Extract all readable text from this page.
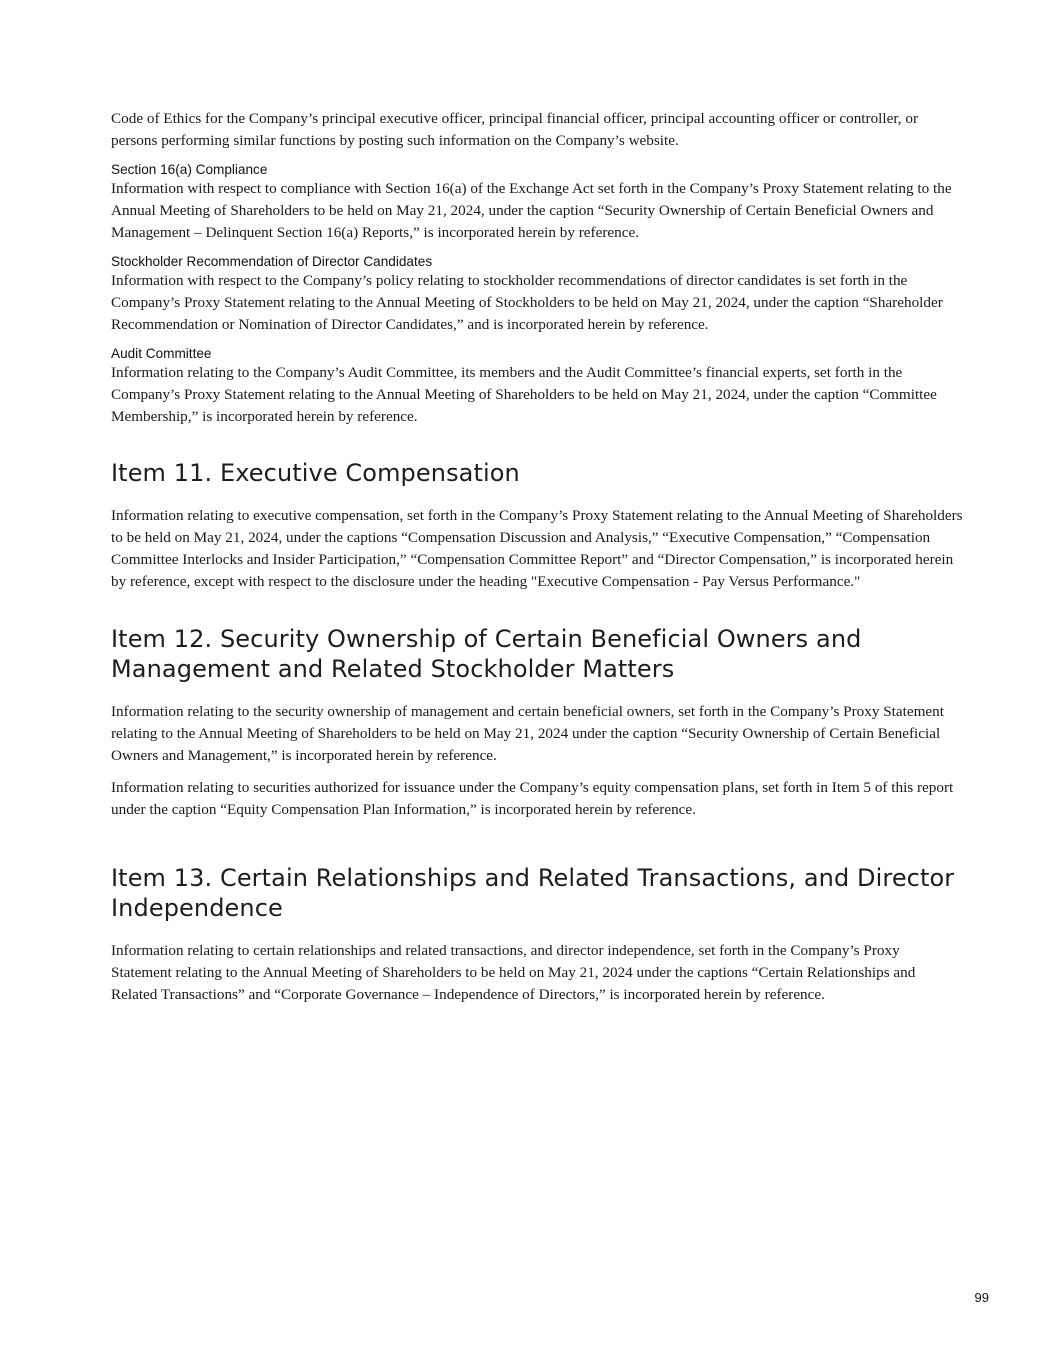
Code of Ethics for the Company’s principal executive officer, principal financial officer, principal accounting officer or controller, or persons performing similar functions by posting such information on the Company’s website.

Section 16(a) Compliance

Information with respect to compliance with Section 16(a) of the Exchange Act set forth in the Company’s Proxy Statement relating to the Annual Meeting of Shareholders to be held on May 21, 2024, under the caption “Security Ownership of Certain Beneficial Owners and Management – Delinquent Section 16(a) Reports,” is incorporated herein by reference.

Stockholder Recommendation of Director Candidates

Information with respect to the Company’s policy relating to stockholder recommendations of director candidates is set forth in the Company’s Proxy Statement relating to the Annual Meeting of Stockholders to be held on May 21, 2024, under the caption “Shareholder Recommendation or Nomination of Director Candidates,” and is incorporated herein by reference.

Audit Committee

Information relating to the Company’s Audit Committee, its members and the Audit Committee’s financial experts, set forth in the Company’s Proxy Statement relating to the Annual Meeting of Shareholders to be held on May 21, 2024, under the caption “Committee Membership,” is incorporated herein by reference.

Item 11. Executive Compensation

Information relating to executive compensation, set forth in the Company’s Proxy Statement relating to the Annual Meeting of Shareholders to be held on May 21, 2024, under the captions “Compensation Discussion and Analysis,” “Executive Compensation,” “Compensation Committee Interlocks and Insider Participation,” “Compensation Committee Report” and “Director Compensation,” is incorporated herein by reference, except with respect to the disclosure under the heading "Executive Compensation - Pay Versus Performance."

Item 12. Security Ownership of Certain Beneficial Owners and Management and Related Stockholder Matters

Information relating to the security ownership of management and certain beneficial owners, set forth in the Company’s Proxy Statement relating to the Annual Meeting of Shareholders to be held on May 21, 2024 under the caption “Security Ownership of Certain Beneficial Owners and Management,” is incorporated herein by reference.

Information relating to securities authorized for issuance under the Company’s equity compensation plans, set forth in Item 5 of this report under the caption “Equity Compensation Plan Information,” is incorporated herein by reference.

Item 13. Certain Relationships and Related Transactions, and Director Independence

Information relating to certain relationships and related transactions, and director independence, set forth in the Company’s Proxy Statement relating to the Annual Meeting of Shareholders to be held on May 21, 2024 under the captions “Certain Relationships and Related Transactions” and “Corporate Governance – Independence of Directors,” is incorporated herein by reference.

99
